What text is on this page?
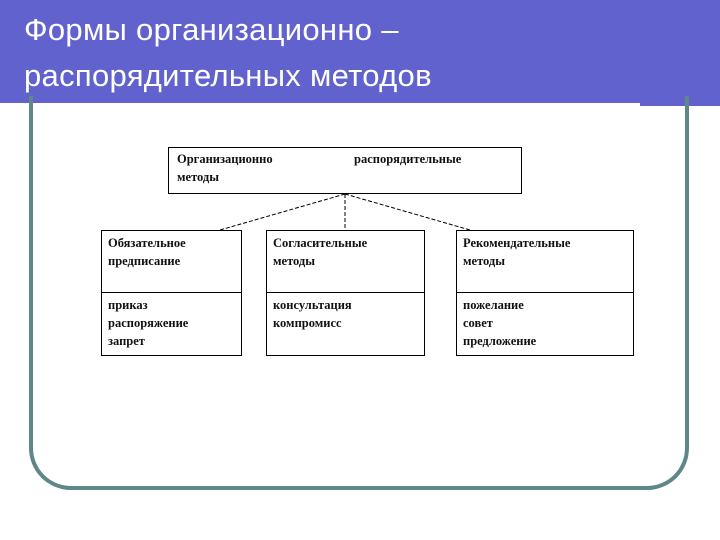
Формы организационно –
распорядительных методов
Организационно	распорядительные
методы
Обязательное
предписание
приказ
распоряжение
запрет
Согласительные
методы
консультация
компромисс
Рекомендательные
методы
пожелание
совет
предложение
